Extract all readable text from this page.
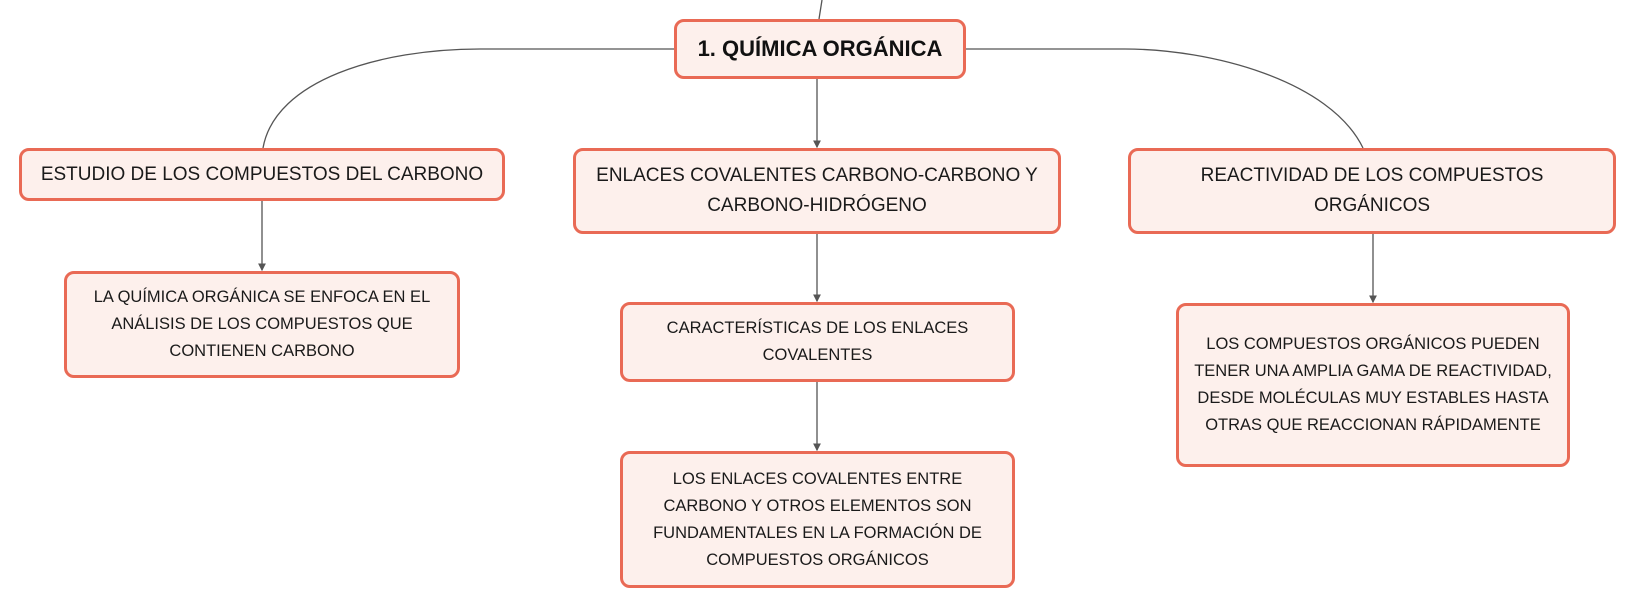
1. QUÍMICA ORGÁNICA
ESTUDIO DE LOS COMPUESTOS DEL CARBONO	ENLACES COVALENTES CARBONO-CARBONO Y CARBONO-HIDRÓGENO
REACTIVIDAD DE LOS COMPUESTOS ORGÁNICOS
LA QUÍMICA ORGÁNICA SE ENFOCA EN EL ANÁLISIS DE LOS COMPUESTOS QUE CONTIENEN CARBONO
CARACTERÍSTICAS DE LOS ENLACES COVALENTES
LOS ENLACES COVALENTES ENTRE CARBONO Y OTROS ELEMENTOS SON FUNDAMENTALES EN LA FORMACIÓN DE COMPUESTOS ORGÁNICOS
LOS COMPUESTOS ORGÁNICOS PUEDEN TENER UNA AMPLIA GAMA DE REACTIVIDAD, DESDE MOLÉCULAS MUY ESTABLES HASTA OTRAS QUE REACCIONAN RÁPIDAMENTE
